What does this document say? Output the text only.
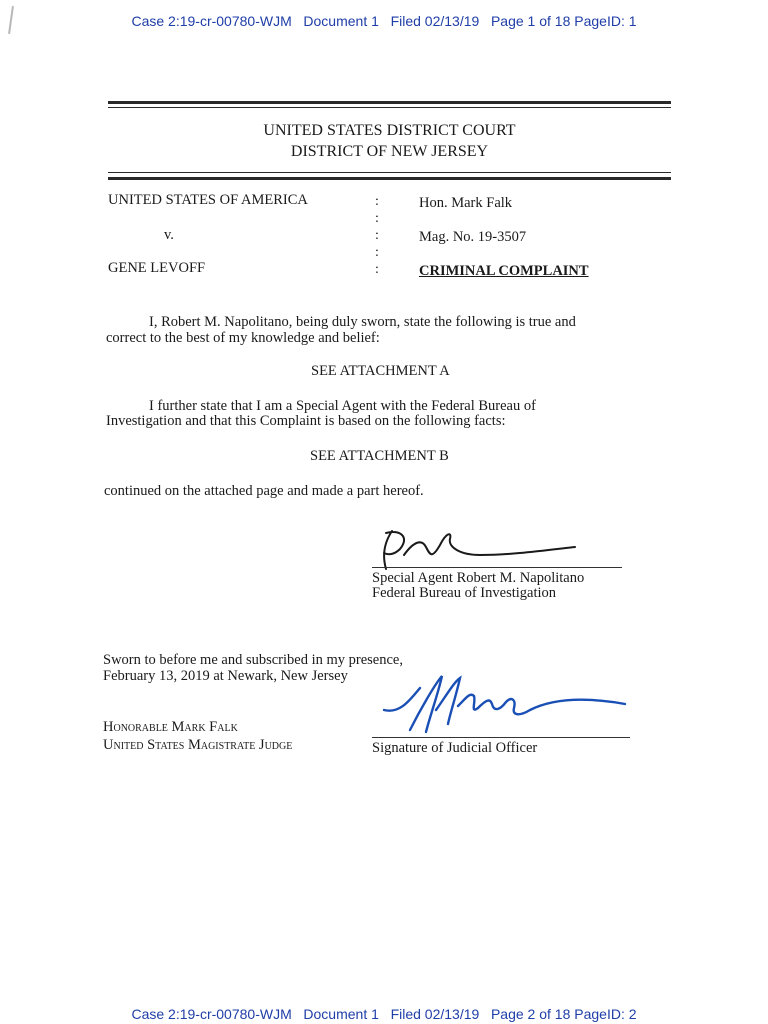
Case 2:19-cr-00780-WJM   Document 1   Filed 02/13/19   Page 1 of 18 PageID: 1
UNITED STATES DISTRICT COURT
DISTRICT OF NEW JERSEY
UNITED STATES OF AMERICA
v.
GENE LEVOFF
:
:
:
:
:
Hon. Mark Falk
Mag. No. 19-3507
CRIMINAL COMPLAINT
I, Robert M. Napolitano, being duly sworn, state the following is true and
correct to the best of my knowledge and belief:
SEE ATTACHMENT A
I further state that I am a Special Agent with the Federal Bureau of
Investigation and that this Complaint is based on the following facts:
SEE ATTACHMENT B
continued on the attached page and made a part hereof.
Special Agent Robert M. Napolitano
Federal Bureau of Investigation
Sworn to before me and subscribed in my presence,
February 13, 2019 at Newark, New Jersey
Honorable Mark Falk
United States Magistrate Judge	Signature of Judicial Officer
Case 2:19-cr-00780-WJM   Document 1   Filed 02/13/19   Page 2 of 18 PageID: 2
